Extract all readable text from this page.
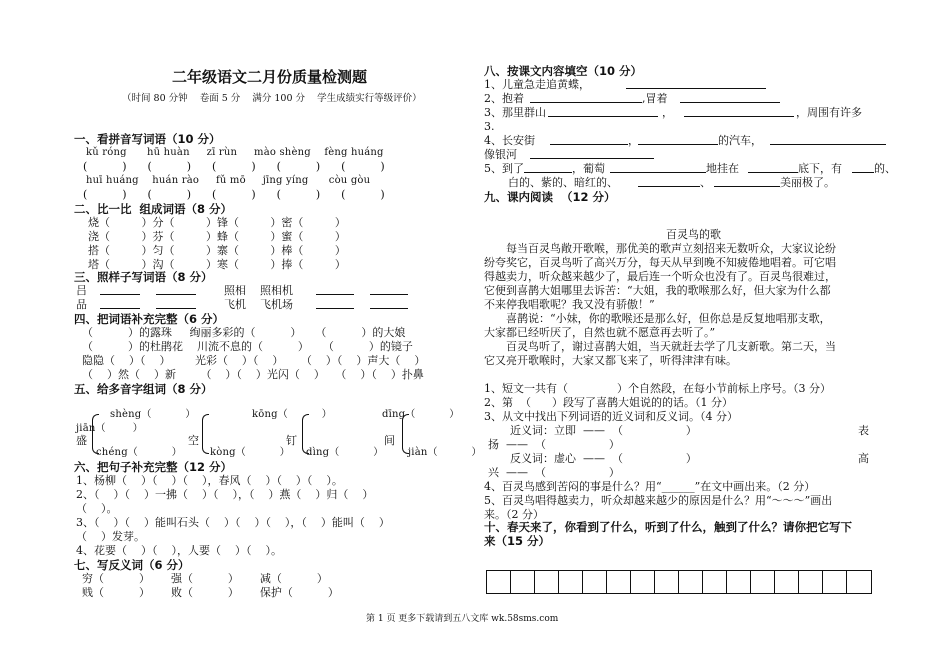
二年级语文二月份质量检测题
（时间 80 分钟    卷面 5 分    满分 100 分    学生成绩实行等级评价）
一、看拼音写词语（10 分）
kǔ róng      hū huàn     zī rùn     mào shèng    fèng huáng
(          )      (          )      (          )      (          )      (          )
huī huáng    huán rào     fǔ mō     jīng yíng      còu gòu
(          )      (          )      (          )      (          )      (          )
二、比一比  组成词语（8 分）
烧（         ）分（         ）锋（         ）密（         ）
浇（         ）芬（         ）蜂（         ）蜜（         ）
搭（         ）匀（         ）寨（         ）棒（         ）
塔（         ）沟（         ）寒（         ）捧（         ）
三、照样子写词语（8 分）
吕	照相    照相机
品	飞机    飞机场
四、把词语补充完整（6 分）
（          ）的露珠     绚丽多彩的（          ）    （          ）的大娘
（          ）的杜鹃花    川流不息的（          ）    （          ）的镜子
隐隐（    ）（    ）       光彩（    ）（    ）     （    ）（    ）声大（    ）
（    ）然（    ）新       （    ）（    ）光闪（    ）   （    ）（    ）扑鼻
五、给多音字组词（8 分）
shèng（          ）
jiān（        ）
盛
chéng（          ）
空
kōng（          ）
kòng（          ）
钉
dīng（          ）
dìng（          ）
间
jiàn（          ）
六、把句子补充完整（12 分）
1、杨柳（    ）（    ）（    ），春风（    ）（    ）（    ）。
2、（    ）（    ）一拂（    ）（    ），（    ）燕（    ）归（    ）
（    ）。
3、（    ）（    ）能叫石头（    ）（    ）（    ），（    ）能叫（    ）
（    ）发芽。
4、花要（    ）（    ），人要（    ）（    ）。
七、写反义词（6 分）
穷（          ）      强（          ）      减（          ）
贱（          ）      败（          ）      保护（          ）
八、按课文内容填空（10 分）
1、儿童急走追黄蝶，
2、抱着	,冒着
3、那里群山	，	，周围有许多
3.
4、长安街	，	的汽车，
像银河
5、到了	，葡萄	地挂在	底下，有	的、
白的、紫的、暗红的、	、	美丽极了。
九、课内阅读  （12 分）
百灵鸟的歌
每当百灵鸟敞开歌喉，那优美的歌声立刻招来无数听众，大家议论纷
纷夸奖它，百灵鸟听了高兴万分，每天从早到晚不知疲倦地唱着。可它唱
得越卖力，听众越来越少了，最后连一个听众也没有了。百灵鸟很难过，
它便到喜鹊大姐哪里去诉苦：“大姐，我的歌喉那么好，但大家为什么都
不来停我唱歌呢？我又没有骄傲！”
喜鹊说：“小妹，你的歌喉还是那么好，但你总是反复地唱那支歌，
大家都已经听厌了，自然也就不愿意再去听了。”
百灵鸟听了，谢过喜鹊大姐，当天就赶去学了几支新歌。第二天，当
它又亮开歌喉时，大家又都飞来了，听得津津有味。
1、短文一共有（              ）个自然段，在每小节前标上序号。（3 分）
2、第  （      ）段写了喜鹊大姐说的的话。（1 分）
3、从文中找出下列词语的近义词和反义词。（4 分）
近义词：立即  ——  （                  ）	表
扬  ——  （                  ）
反义词：虚心  ——  （                  ）	高
兴  ——  （                  ）
4、百灵鸟感到苦闷的事是什么？用“______”在文中画出来。（2 分）
5、百灵鸟唱得越卖力，听众却越来越少的原因是什么？用“～～～”画出
来。（2 分）
十、春天来了，你看到了什么，听到了什么，触到了什么？请你把它写下
来（15 分）
第 1 页 更多下载请到五八文库 wk.58sms.com
